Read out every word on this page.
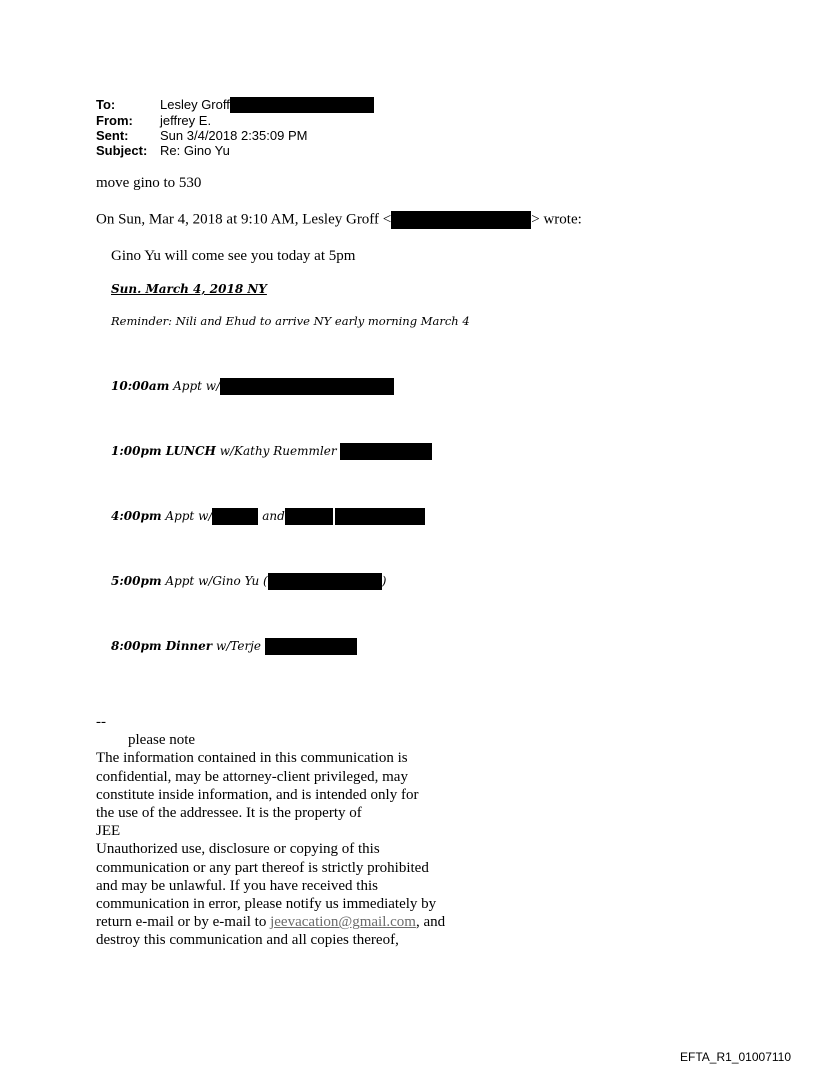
To:	Lesley Groff
From:	jeffrey E.
Sent:	Sun 3/4/2018 2:35:09 PM
Subject: Re: Gino Yu
move gino to 530
On Sun, Mar 4, 2018 at 9:10 AM, Lesley Groff <	> wrote:
Gino Yu will come see you today at 5pm
Sun. March 4, 2018 NY
Reminder: Nili and Ehud to arrive NY early morning March 4
10:00am Appt w/
1:00pm LUNCH w/Kathy Ruemmler
4:00pm Appt w/	and
5:00pm Appt w/Gino Yu (	)
8:00pm Dinner w/Terje
--
please note
The information contained in this communication is
confidential, may be attorney-client privileged, may
constitute inside information, and is intended only for
the use of the addressee. It is the property of
JEE
Unauthorized use, disclosure or copying of this
communication or any part thereof is strictly prohibited
and may be unlawful. If you have received this
communication in error, please notify us immediately by
return e-mail or by e-mail to jeevacation@gmail.com, and
destroy this communication and all copies thereof,
EFTA_R1_01007110
